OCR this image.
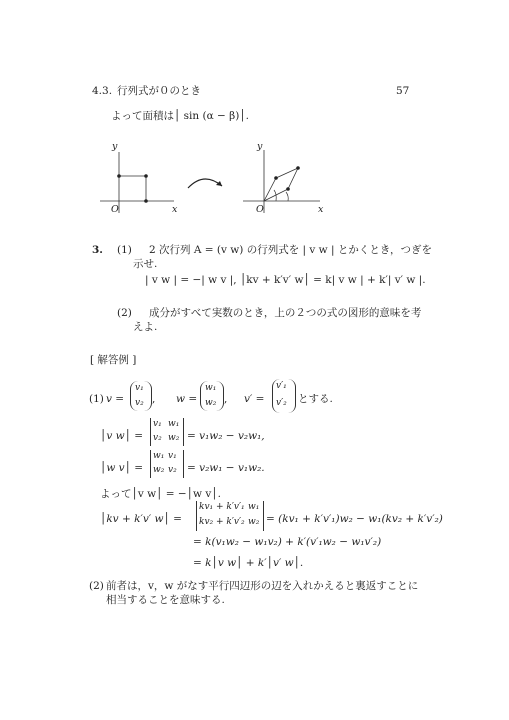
4.3. 行列式が０のとき	57
よって面積は│ sin (α − β)│.
y
O	x
y
O	x
3. (1) 2 次行列 A = (v w) の行列式を | v w | とかくとき，つぎを
示せ.
| v w | = −| w v |, │kv + k′v′ w│ = k| v w | + k′| v′ w |.
(2) 成分がすべて実数のとき，上の２つの式の図形的意味を考
えよ.
[ 解答例 ]
(1) v =
v₁
v₂ , w =
w₁
w₂ , v′ =
v′₁
v′₂ とする.
│v w│ =
v₁ w₁
v₂ w₂ = v₁w₂ − v₂w₁,
│w v│ =
w₁ v₁
w₂ v₂ = v₂w₁ − v₁w₂.
よって│v w│ = −│w v│.
│kv + k′v′ w│ =
kv₁ + k′v′₁ w₁
kv₂ + k′v′₂ w₂ = (kv₁ + k′v′₁)w₂ − w₁(kv₂ + k′v′₂)
= k(v₁w₂ − w₁v₂) + k′(v′₁w₂ − w₁v′₂)
= k│v w│ + k′│v′ w│.
(2) 前者は，v，w がなす平行四辺形の辺を入れかえると裏返すことに
相当することを意味する.
